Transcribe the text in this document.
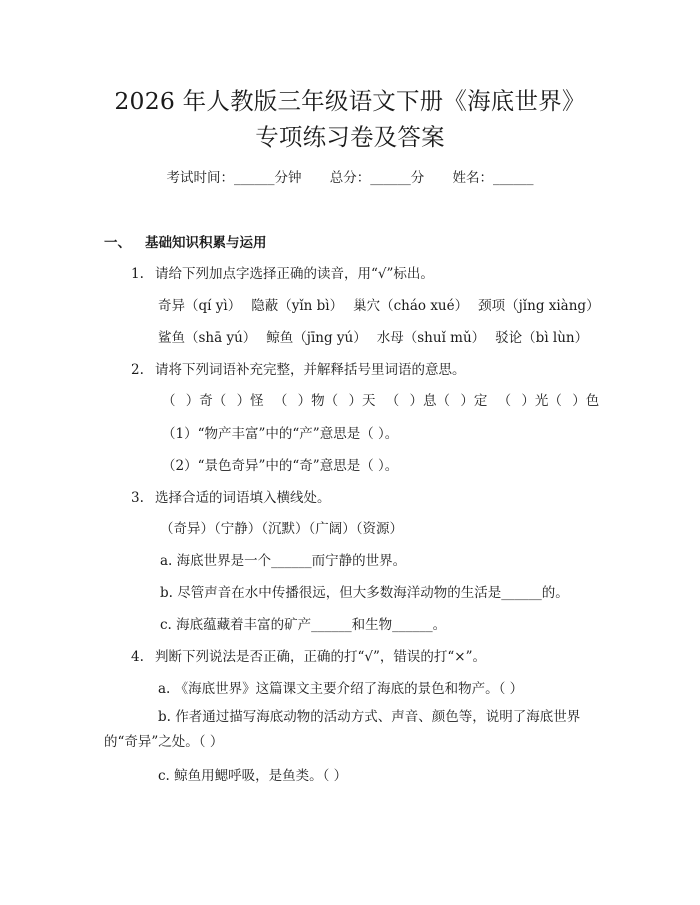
2026 年人教版三年级语文下册《海底世界》
专项练习卷及答案
考试时间：______分钟 总分：______分 姓名：______
一、 基础知识积累与运用
1. 请给下列加点字选择正确的读音，用“√”标出。
奇异（qí yì） 隐蔽（yǐn bì） 巢穴（cháo xué） 颈项（jǐng xiàng）
鲨鱼（shā yú） 鲸鱼（jīng yú） 水母（shuǐ mǔ） 驳论（bì lùn）
2. 请将下列词语补充完整，并解释括号里词语的意思。
（ ）奇（ ）怪 （ ）物（ ）天 （ ）息（ ）定 （ ）光（ ）色
（1）“物产丰富”中的“产”意思是（ ）。
（2）“景色奇异”中的“奇”意思是（ ）。
3. 选择合适的词语填入横线处。
（奇异）（宁静）（沉默）（广阔）（资源）
a. 海底世界是一个______而宁静的世界。
b. 尽管声音在水中传播很远，但大多数海洋动物的生活是______的。
c. 海底蕴藏着丰富的矿产______和生物______。
4. 判断下列说法是否正确，正确的打“√”，错误的打“×”。
a. 《海底世界》这篇课文主要介绍了海底的景色和物产。（ ）
b. 作者通过描写海底动物的活动方式、声音、颜色等，说明了海底世界的“奇异”之处。（ ）
c. 鲸鱼用鳃呼吸，是鱼类。（ ）
